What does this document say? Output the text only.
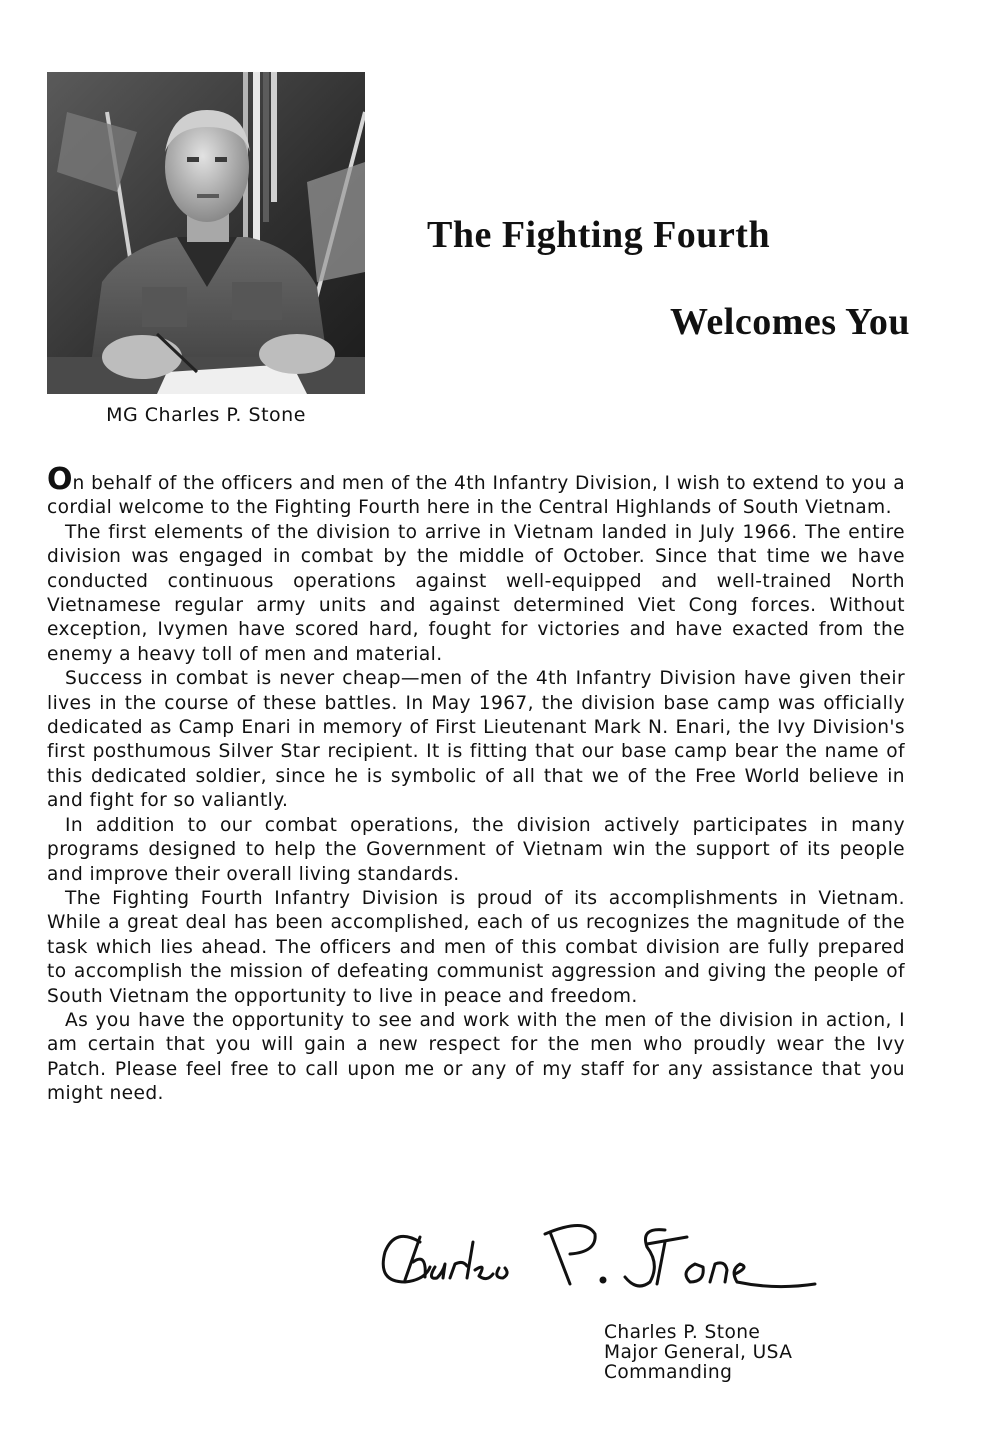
MG Charles P. Stone
The Fighting Fourth
Welcomes You

On behalf of the officers and men of the 4th Infantry Division, I wish to extend to you a cordial welcome to the Fighting Fourth here in the Central Highlands of South Vietnam.

The first elements of the division to arrive in Vietnam landed in July 1966. The entire division was engaged in combat by the middle of October. Since that time we have conducted continuous operations against well-equipped and well-trained North Vietnamese regular army units and against determined Viet Cong forces. Without exception, Ivymen have scored hard, fought for victories and have exacted from the enemy a heavy toll of men and material.

Success in combat is never cheap—men of the 4th Infantry Division have given their lives in the course of these battles. In May 1967, the division base camp was officially dedicated as Camp Enari in memory of First Lieutenant Mark N. Enari, the Ivy Division's first posthumous Silver Star recipient. It is fitting that our base camp bear the name of this dedicated soldier, since he is symbolic of all that we of the Free World believe in and fight for so valiantly.

In addition to our combat operations, the division actively participates in many programs designed to help the Government of Vietnam win the support of its people and improve their overall living standards.

The Fighting Fourth Infantry Division is proud of its accomplishments in Vietnam. While a great deal has been accomplished, each of us recognizes the magnitude of the task which lies ahead. The officers and men of this combat division are fully prepared to accomplish the mission of defeating communist aggression and giving the people of South Vietnam the opportunity to live in peace and freedom.

As you have the opportunity to see and work with the men of the division in action, I am certain that you will gain a new respect for the men who proudly wear the Ivy Patch. Please feel free to call upon me or any of my staff for any assistance that you might need.

Charles P. Stone
Major General, USA
Commanding
